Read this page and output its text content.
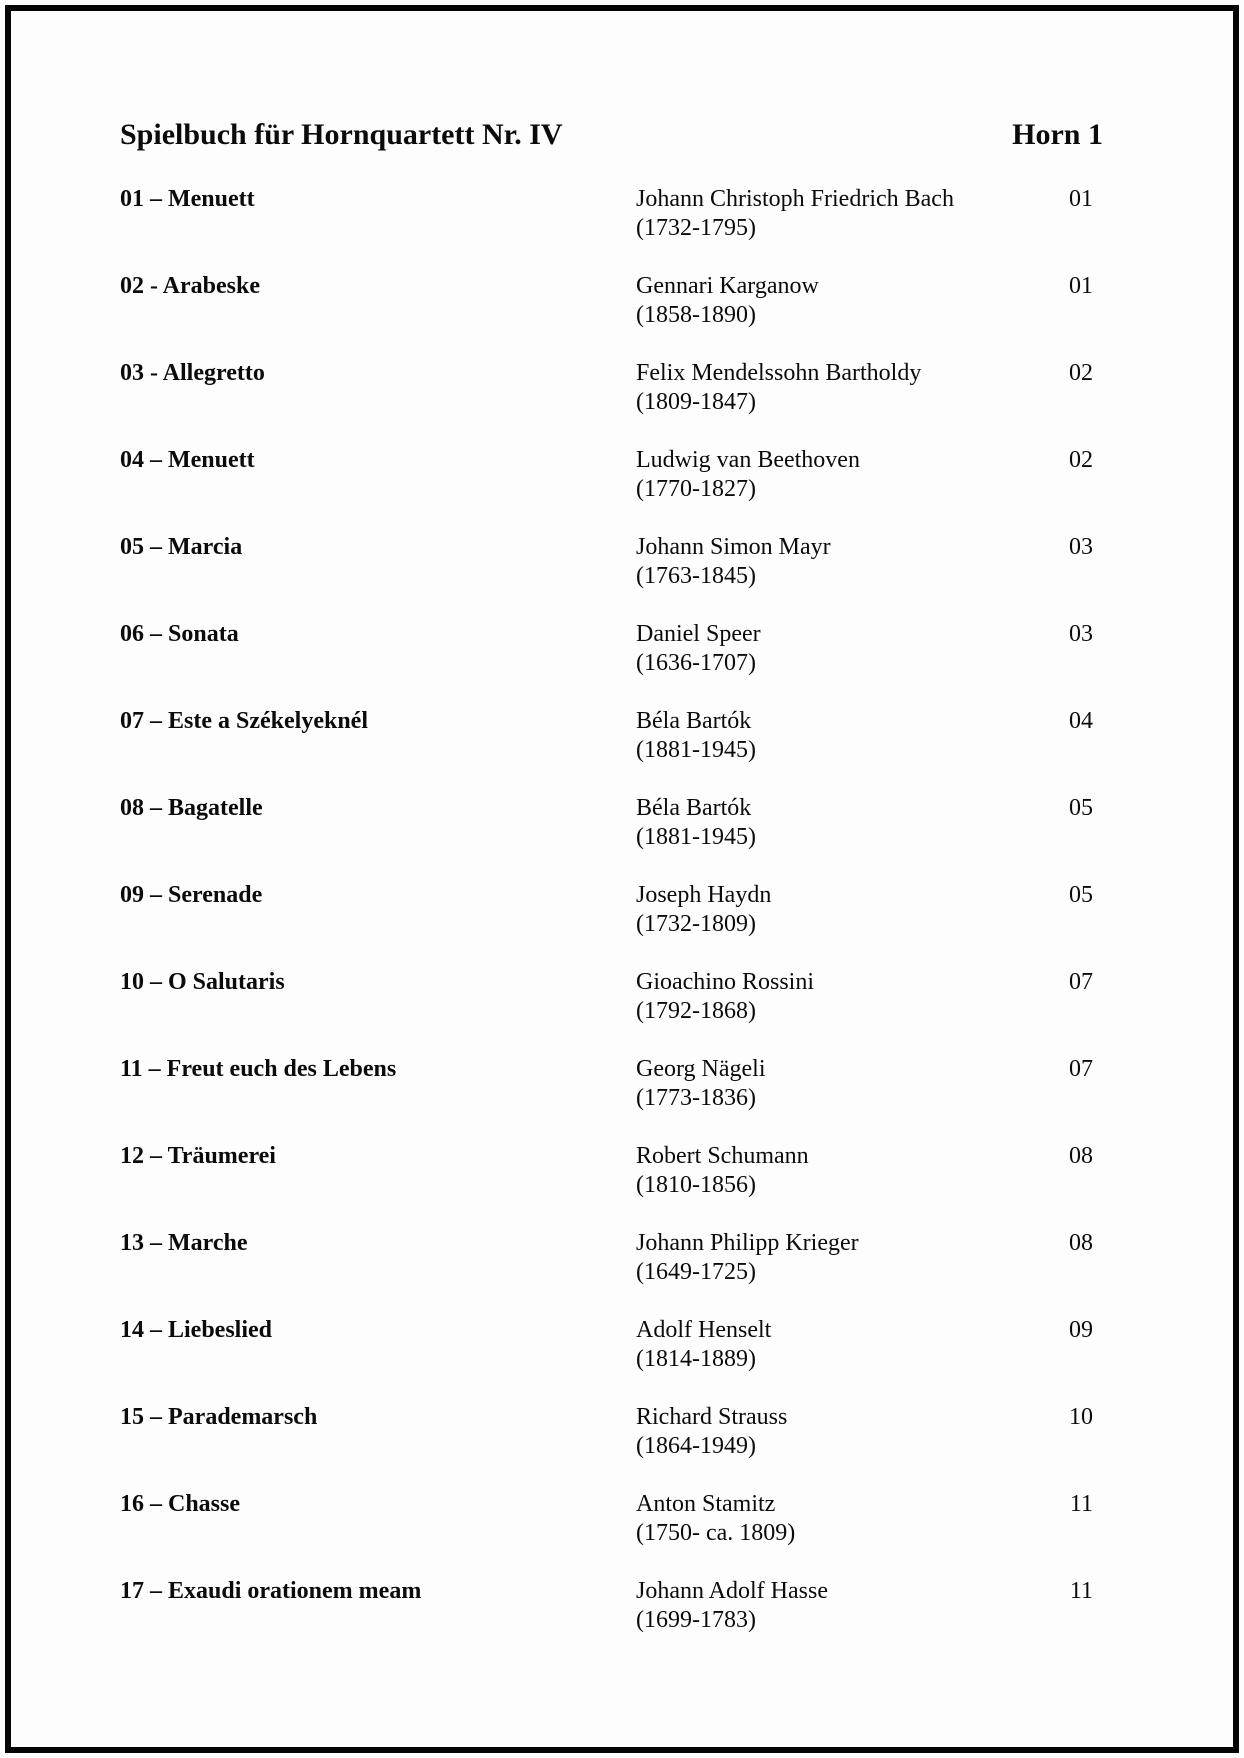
Spielbuch für Hornquartett Nr. IV	Horn 1
01 – Menuett	Johann Christoph Friedrich Bach
(1732-1795)
01
02 - Arabeske	Gennari Karganow
(1858-1890)
01
03 - Allegretto	Felix Mendelssohn Bartholdy
(1809-1847)
02
04 – Menuett	Ludwig van Beethoven
(1770-1827)
02
05 – Marcia	Johann Simon Mayr
(1763-1845)
03
06 – Sonata	Daniel Speer
(1636-1707)
03
07 – Este a Székelyeknél	Béla Bartók
(1881-1945)
04
08 – Bagatelle	Béla Bartók
(1881-1945)
05
09 – Serenade	Joseph Haydn
(1732-1809)
05
10 – O Salutaris	Gioachino Rossini
(1792-1868)
07
11 – Freut euch des Lebens	Georg Nägeli
(1773-1836)
07
12 – Träumerei	Robert Schumann
(1810-1856)
08
13 – Marche	Johann Philipp Krieger
(1649-1725)
08
14 – Liebeslied	Adolf Henselt
(1814-1889)
09
15 – Parademarsch	Richard Strauss
(1864-1949)
10
16 – Chasse	Anton Stamitz
(1750- ca. 1809)
11
17 – Exaudi orationem meam	Johann Adolf Hasse
(1699-1783)
11
